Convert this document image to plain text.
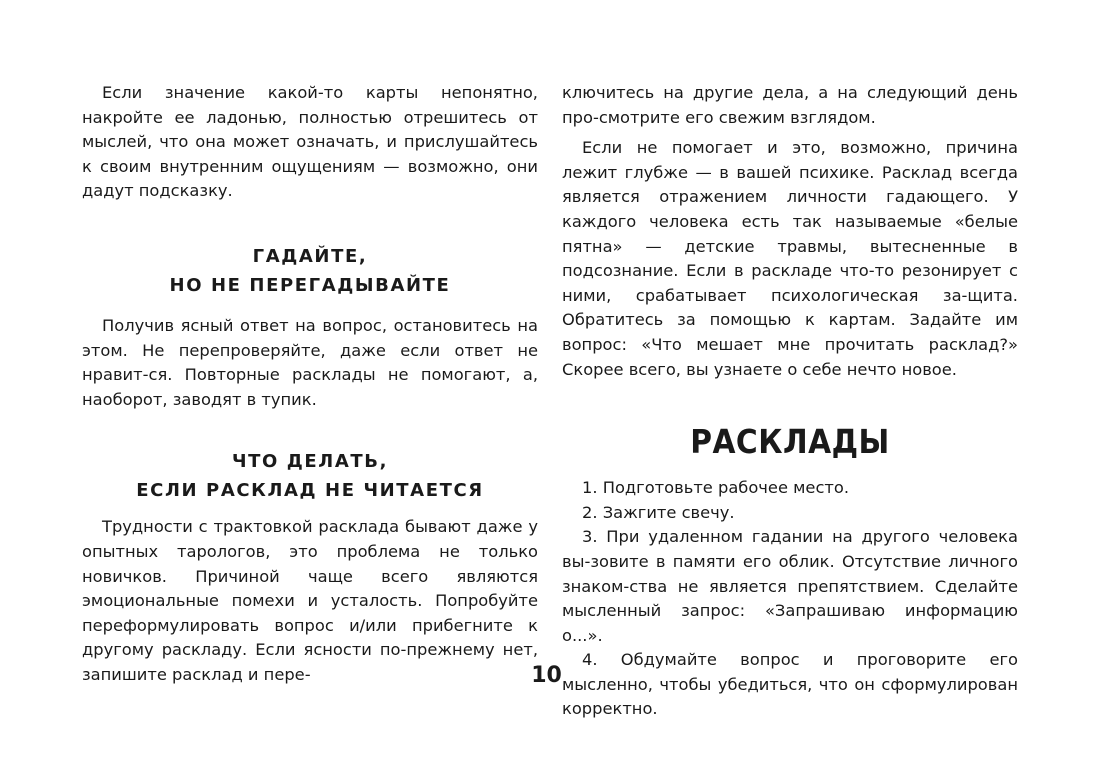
Если значение какой-то карты непонятно, накройте ее ладонью, полностью отрешитесь от мыслей, что она может означать, и прислушайтесь к своим внутренним ощущениям — возможно, они дадут подсказку.

ГАДАЙТЕ,
НО НЕ ПЕРЕГАДЫВАЙТЕ

Получив ясный ответ на вопрос, остановитесь на этом. Не перепроверяйте, даже если ответ не нравит-ся. Повторные расклады не помогают, а, наоборот, заводят в тупик.

ЧТО ДЕЛАТЬ,
ЕСЛИ РАСКЛАД НЕ ЧИТАЕТСЯ

Трудности с трактовкой расклада бывают даже у опытных тарологов, это проблема не только новичков. Причиной чаще всего являются эмоциональные помехи и усталость. Попробуйте переформулировать вопрос и/или прибегните к другому раскладу. Если ясности по-прежнему нет, запишите расклад и пере-

ключитесь на другие дела, а на следующий день про-смотрите его свежим взглядом.

Если не помогает и это, возможно, причина лежит глубже — в вашей психике. Расклад всегда является отражением личности гадающего. У каждого человека есть так называемые «белые пятна» — детские травмы, вытесненные в подсознание. Если в раскладе что-то резонирует с ними, срабатывает психологическая за-щита. Обратитесь за помощью к картам. Задайте им вопрос: «Что мешает мне прочитать расклад?» Скорее всего, вы узнаете о себе нечто новое.

РАСКЛАДЫ

1. Подготовьте рабочее место.

2. Зажгите свечу.

3. При удаленном гадании на другого человека вы-зовите в памяти его облик. Отсутствие личного знаком-ства не является препятствием. Сделайте мысленный запрос: «Запрашиваю информацию о...».

4. Обдумайте вопрос и проговорите его мысленно, чтобы убедиться, что он сформулирован корректно.

10
